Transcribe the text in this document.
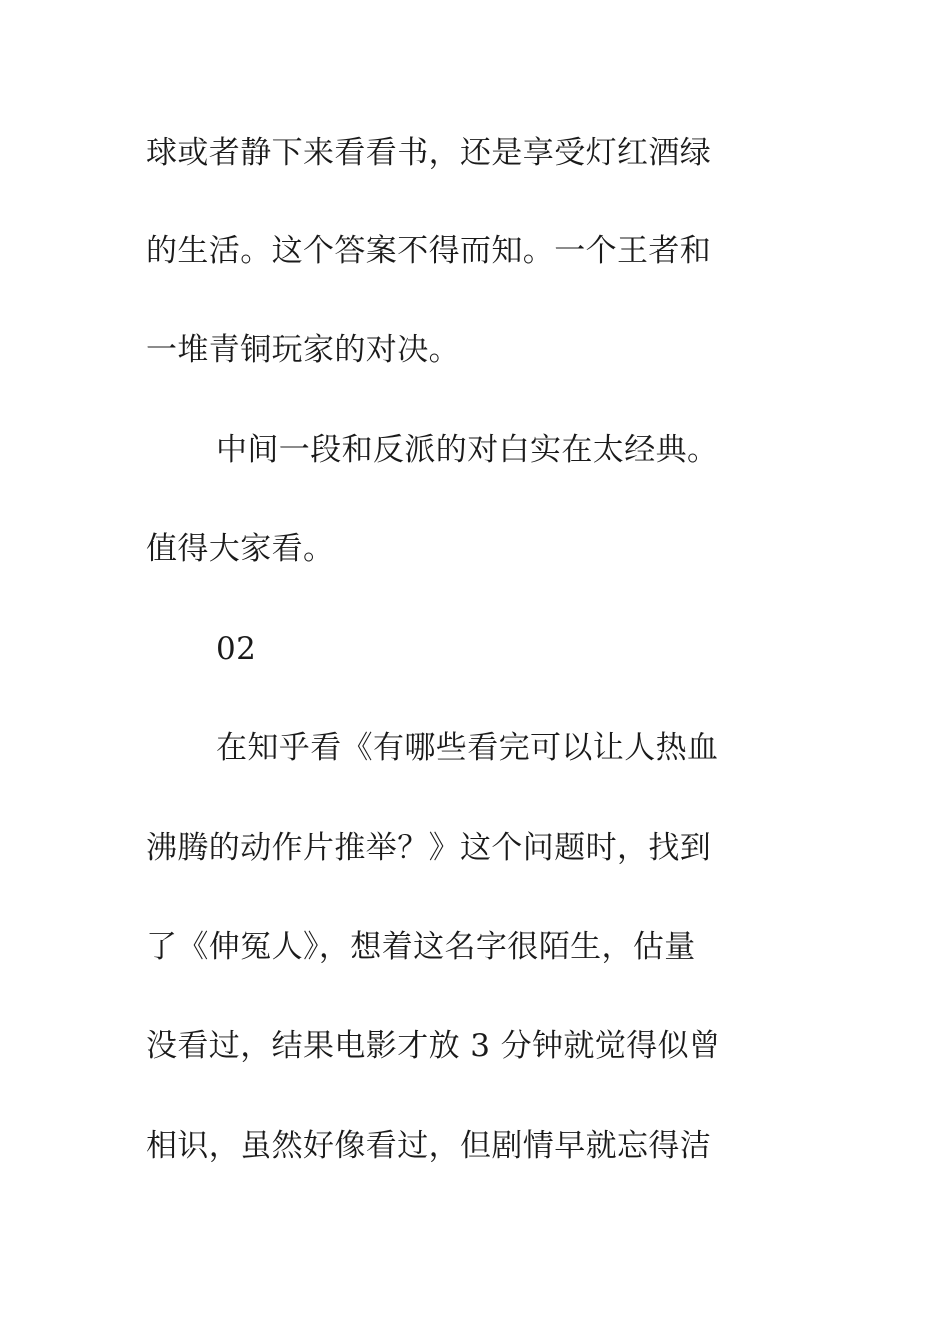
球或者静下来看看书，还是享受灯红酒绿
的生活。这个答案不得而知。一个王者和
一堆青铜玩家的对决。
中间一段和反派的对白实在太经典。
值得大家看。
02
在知乎看《有哪些看完可以让人热血
沸腾的动作片推举？》这个问题时，找到
了《伸冤人》，想着这名字很陌生，估量
没看过，结果电影才放 3 分钟就觉得似曾
相识，虽然好像看过，但剧情早就忘得洁
